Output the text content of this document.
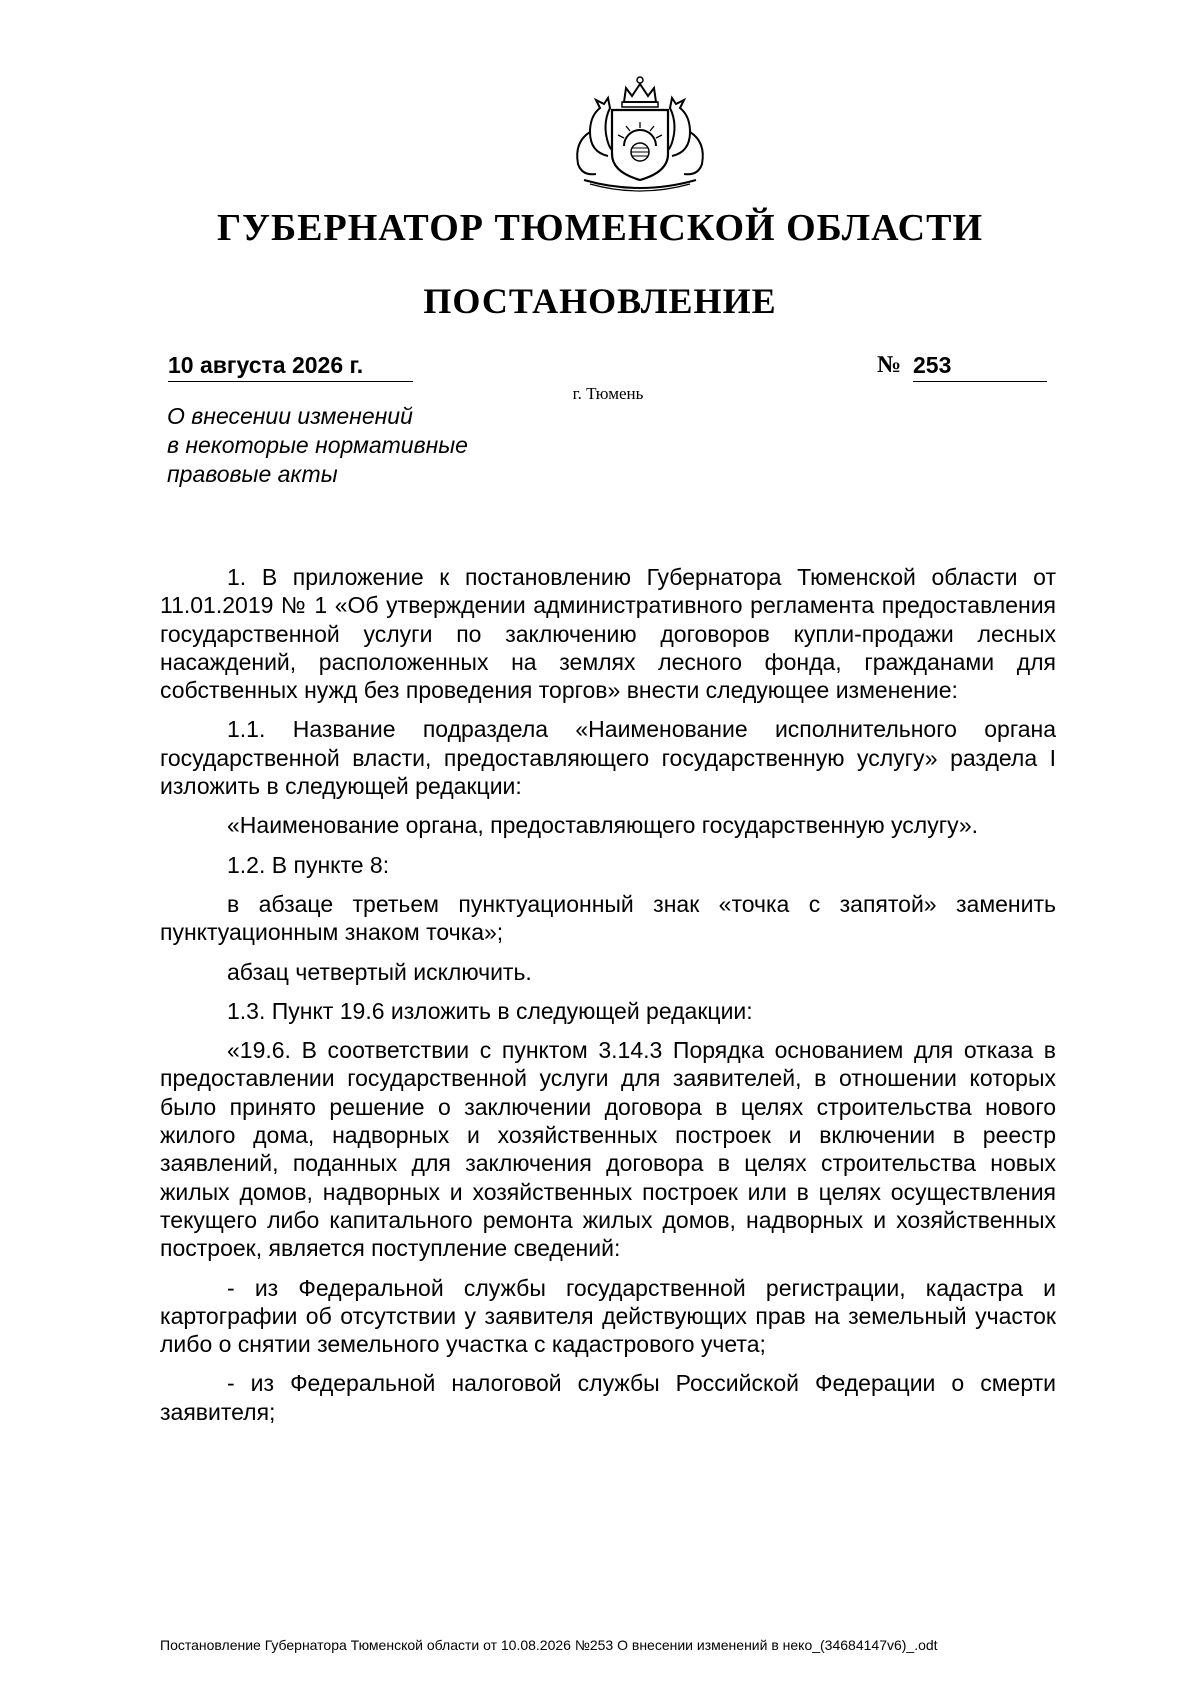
ГУБЕРНАТОР ТЮМЕНСКОЙ ОБЛАСТИ
ПОСТАНОВЛЕНИЕ
10 августа 2026 г.	№ 253
г. Тюмень
О внесении изменений
в некоторые нормативные
правовые акты

1. В приложение к постановлению Губернатора Тюменской области от 11.01.2019 № 1 «Об утверждении административного регламента предоставления государственной услуги по заключению договоров купли-продажи лесных насаждений, расположенных на землях лесного фонда, гражданами для собственных нужд без проведения торгов» внести следующее изменение:

1.1. Название подраздела «Наименование исполнительного органа государственной власти, предоставляющего государственную услугу» раздела I изложить в следующей редакции:

«Наименование органа, предоставляющего государственную услугу».

1.2. В пункте 8:

в абзаце третьем пунктуационный знак «точка с запятой» заменить пунктуационным знаком точка»;

абзац четвертый исключить.

1.3. Пункт 19.6 изложить в следующей редакции:

«19.6. В соответствии с пунктом 3.14.3 Порядка основанием для отказа в предоставлении государственной услуги для заявителей, в отношении которых было принято решение о заключении договора в целях строительства нового жилого дома, надворных и хозяйственных построек и включении в реестр заявлений, поданных для заключения договора в целях строительства новых жилых домов, надворных и хозяйственных построек или в целях осуществления текущего либо капитального ремонта жилых домов, надворных и хозяйственных построек, является поступление сведений:

- из Федеральной службы государственной регистрации, кадастра и картографии об отсутствии у заявителя действующих прав на земельный участок либо о снятии земельного участка с кадастрового учета;

- из Федеральной налоговой службы Российской Федерации о смерти заявителя;

Постановление Губернатора Тюменской области от 10.08.2026 №253 О внесении изменений в неко_(34684147v6)_.odt
